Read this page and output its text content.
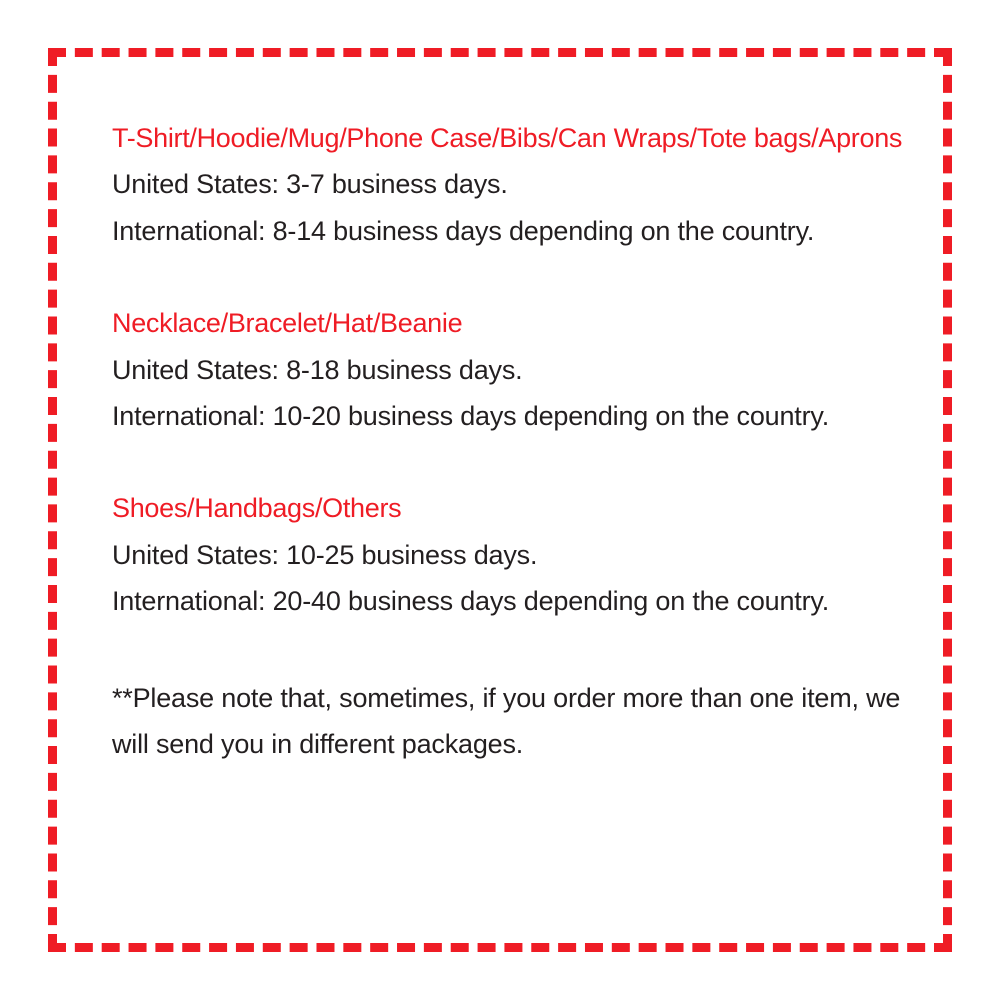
T-Shirt/Hoodie/Mug/Phone Case/Bibs/Can Wraps/Tote bags/Aprons

United States: 3-7 business days.

International: 8-14 business days depending on the country.

Necklace/Bracelet/Hat/Beanie

United States: 8-18 business days.

International: 10-20 business days depending on the country.

Shoes/Handbags/Others

United States: 10-25 business days.

International: 20-40 business days depending on the country.

**Please note that, sometimes, if you order more than one item, we will send you in different packages.
